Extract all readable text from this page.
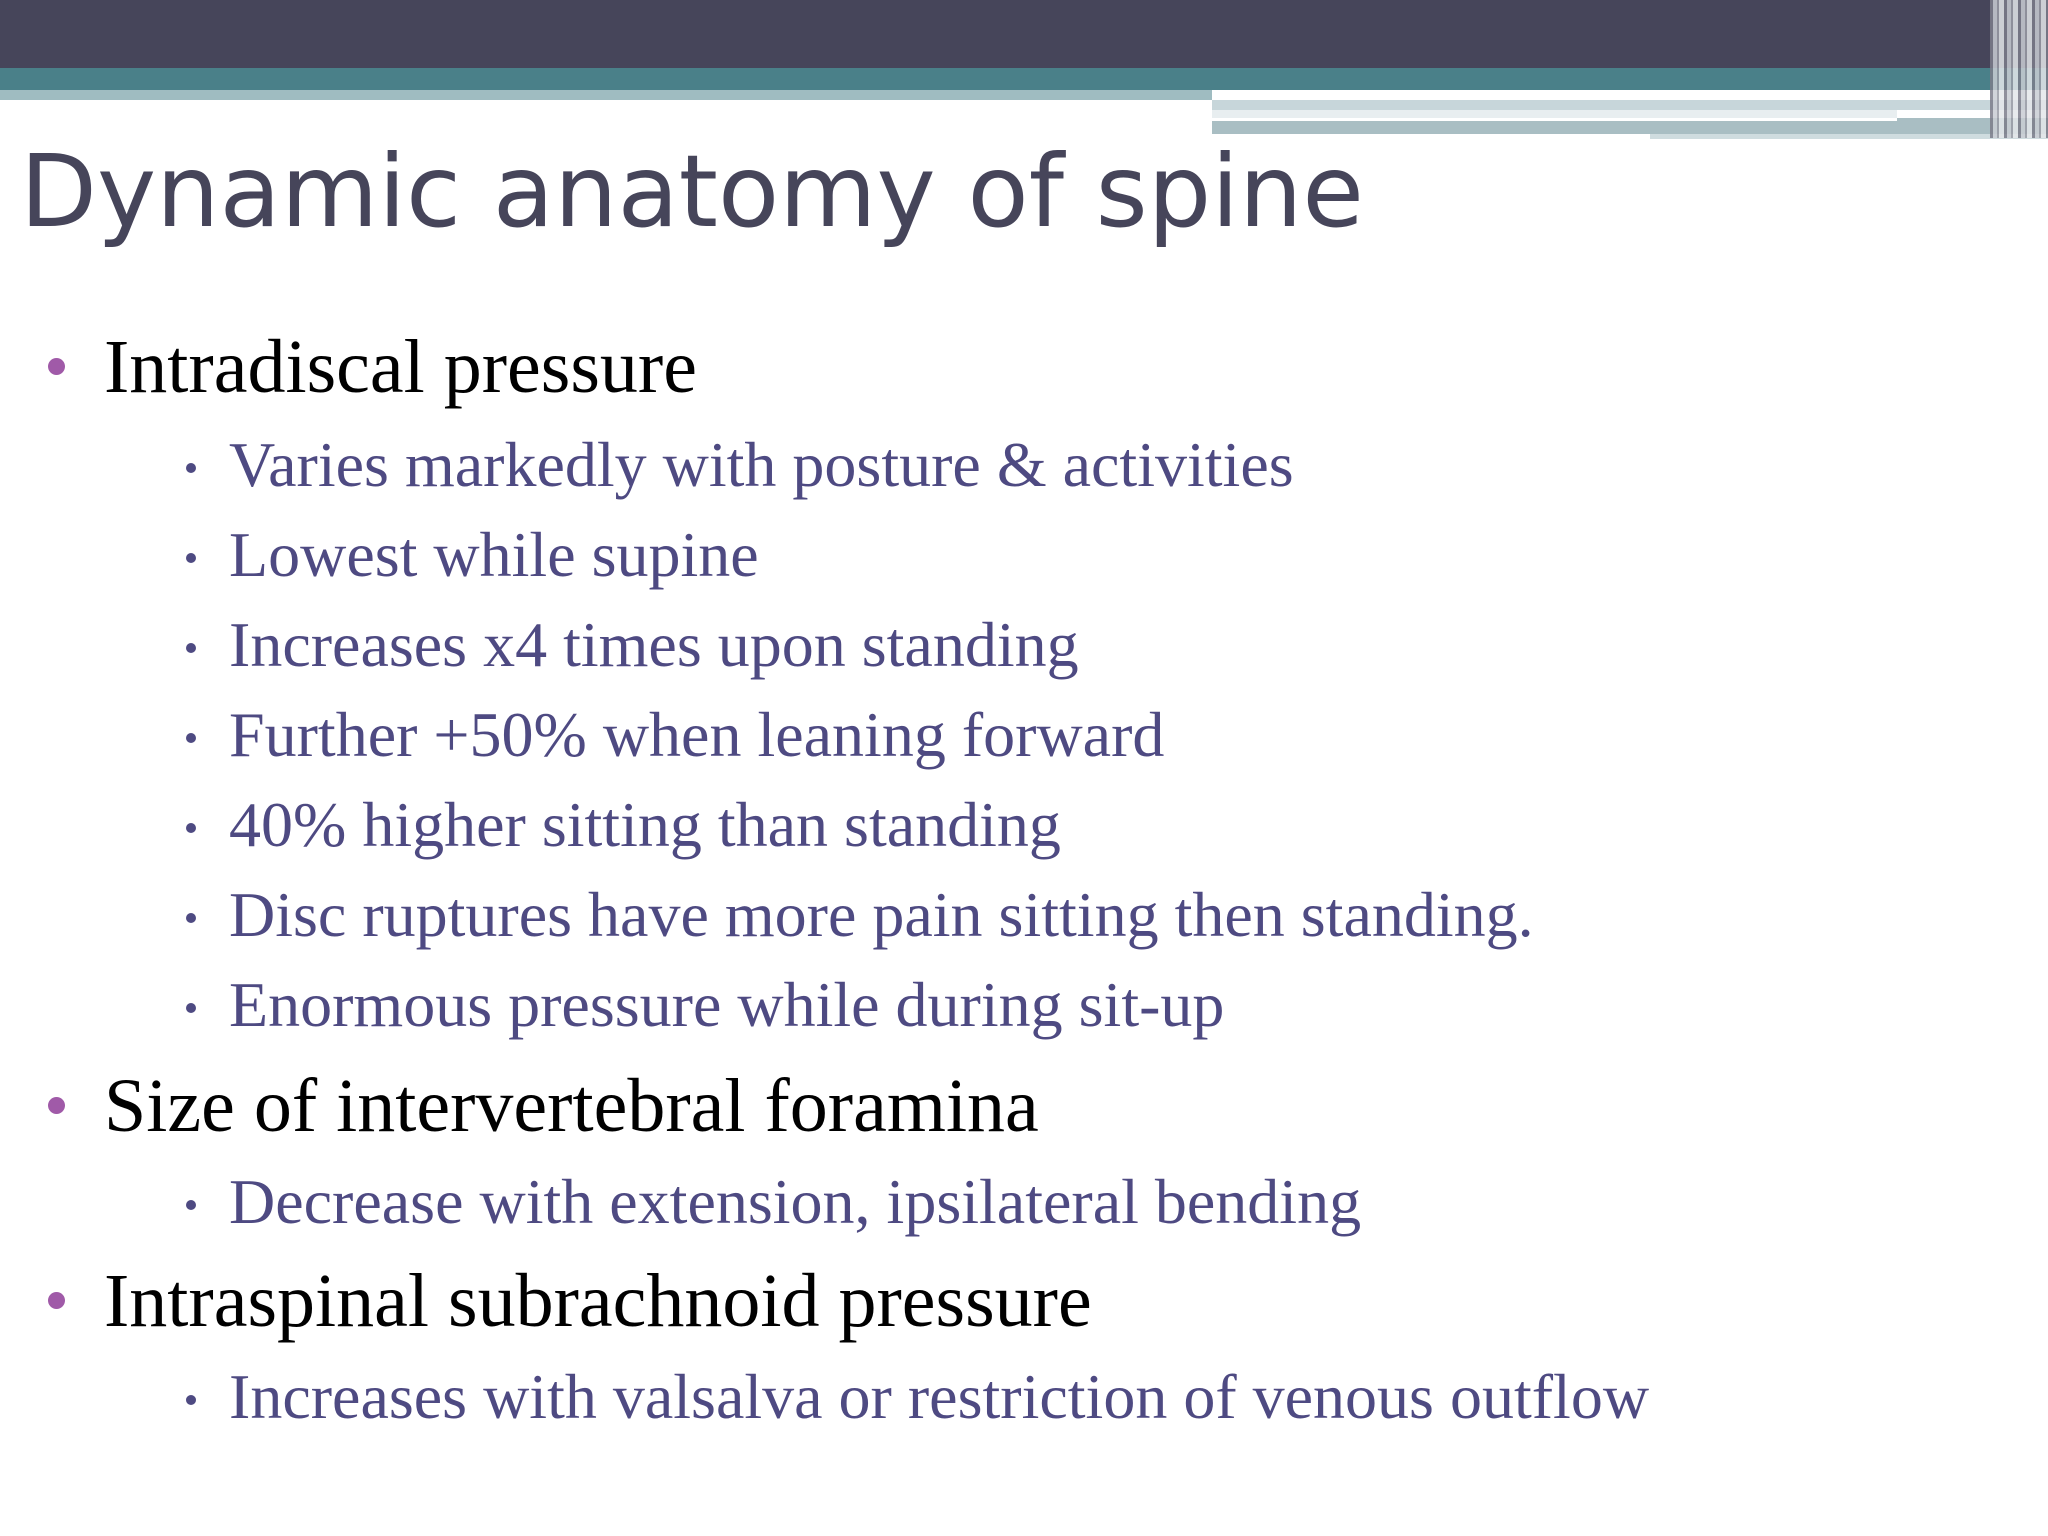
Dynamic anatomy of spine
Intradiscal pressure
Varies markedly with posture & activities
Lowest while supine
Increases x4 times upon standing
Further +50% when leaning forward
40% higher sitting than standing
Disc ruptures have more pain sitting then standing.
Enormous pressure while during sit-up
Size of intervertebral foramina
Decrease with extension, ipsilateral bending
Intraspinal subrachnoid pressure
Increases with valsalva or restriction of venous outflow
